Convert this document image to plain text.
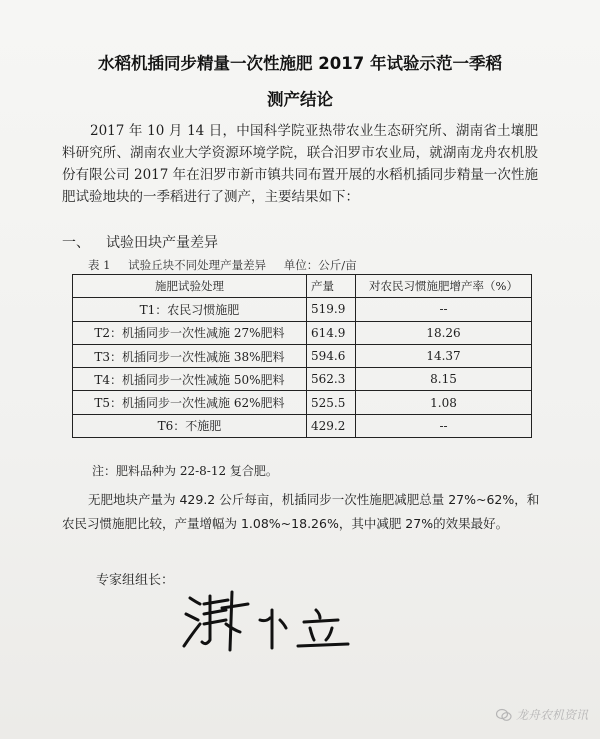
水稻机插同步精量一次性施肥 2017 年试验示范一季稻
测产结论

2017 年 10 月 14 日，中国科学院亚热带农业生态研究所、湖南省土壤肥料研究所、湖南农业大学资源环境学院，联合汨罗市农业局，就湖南龙舟农机股份有限公司 2017 年在汨罗市新市镇共同布置开展的水稻机插同步精量一次性施肥试验地块的一季稻进行了测产，主要结果如下：

一、 试验田块产量差异
表 1 试验丘块不同处理产量差异 单位：公斤/亩
施肥试验处理	产量	对农民习惯施肥增产率（%）
T1：农民习惯施肥	519.9	--
T2：机插同步一次性减施 27%肥料	614.9	18.26
T3：机插同步一次性减施 38%肥料	594.6	14.37
T4：机插同步一次性减施 50%肥料	562.3	8.15
T5：机插同步一次性减施 62%肥料	525.5	1.08
T6：不施肥	429.2	--
注：肥料品种为 22-8-12 复合肥。

无肥地块产量为 429.2 公斤每亩，机插同步一次性施肥减肥总量 27%~62%，和农民习惯施肥比较，产量增幅为 1.08%~18.26%，其中减肥 27%的效果最好。

专家组组长：
龙舟农机资讯
